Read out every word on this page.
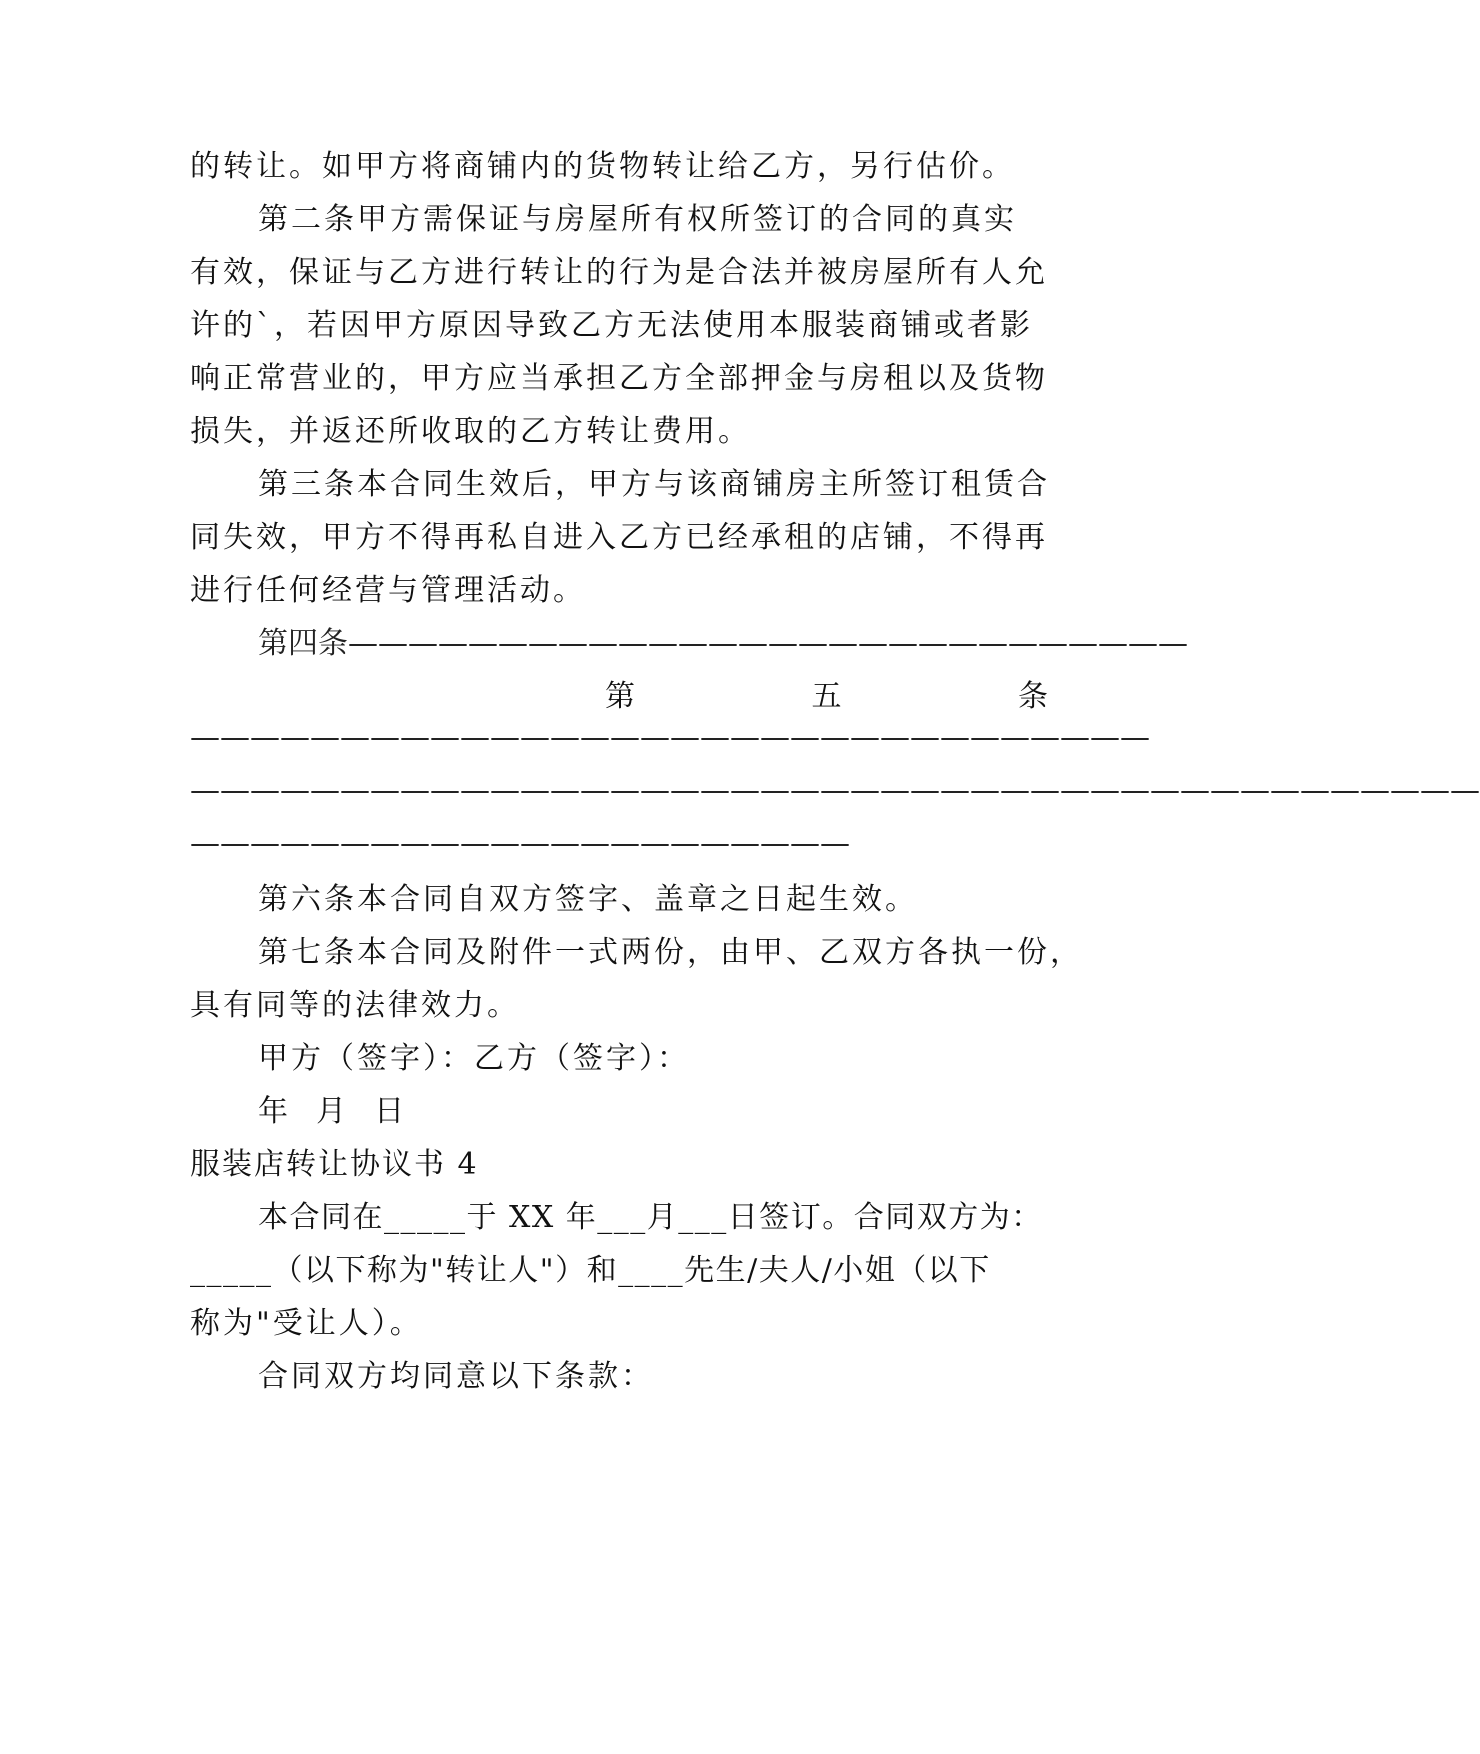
的转让。如甲方将商铺内的货物转让给乙方，另行估价。
第二条甲方需保证与房屋所有权所签订的合同的真实
有效，保证与乙方进行转让的行为是合法并被房屋所有人允
许的`，若因甲方原因导致乙方无法使用本服装商铺或者影
响正常营业的，甲方应当承担乙方全部押金与房租以及货物
损失，并返还所收取的乙方转让费用。
第三条本合同生效后，甲方与该商铺房主所签订租赁合
同失效，甲方不得再私自进入乙方已经承租的店铺，不得再
进行任何经营与管理活动。
第四条————————————————————————————
第	五	条
————————————————————————————————
———————————————————————————————————————————
——————————————————————
第六条本合同自双方签字、盖章之日起生效。
第七条本合同及附件一式两份，由甲、乙双方各执一份，
具有同等的法律效力。
甲方（签字）：乙方（签字）：
年  月  日
服装店转让协议书 4
本合同在_____于 XX 年___月___日签订。合同双方为：
_____（以下称为"转让人"）和____先生/夫人/小姐（以下
称为"受让人）。
合同双方均同意以下条款：
